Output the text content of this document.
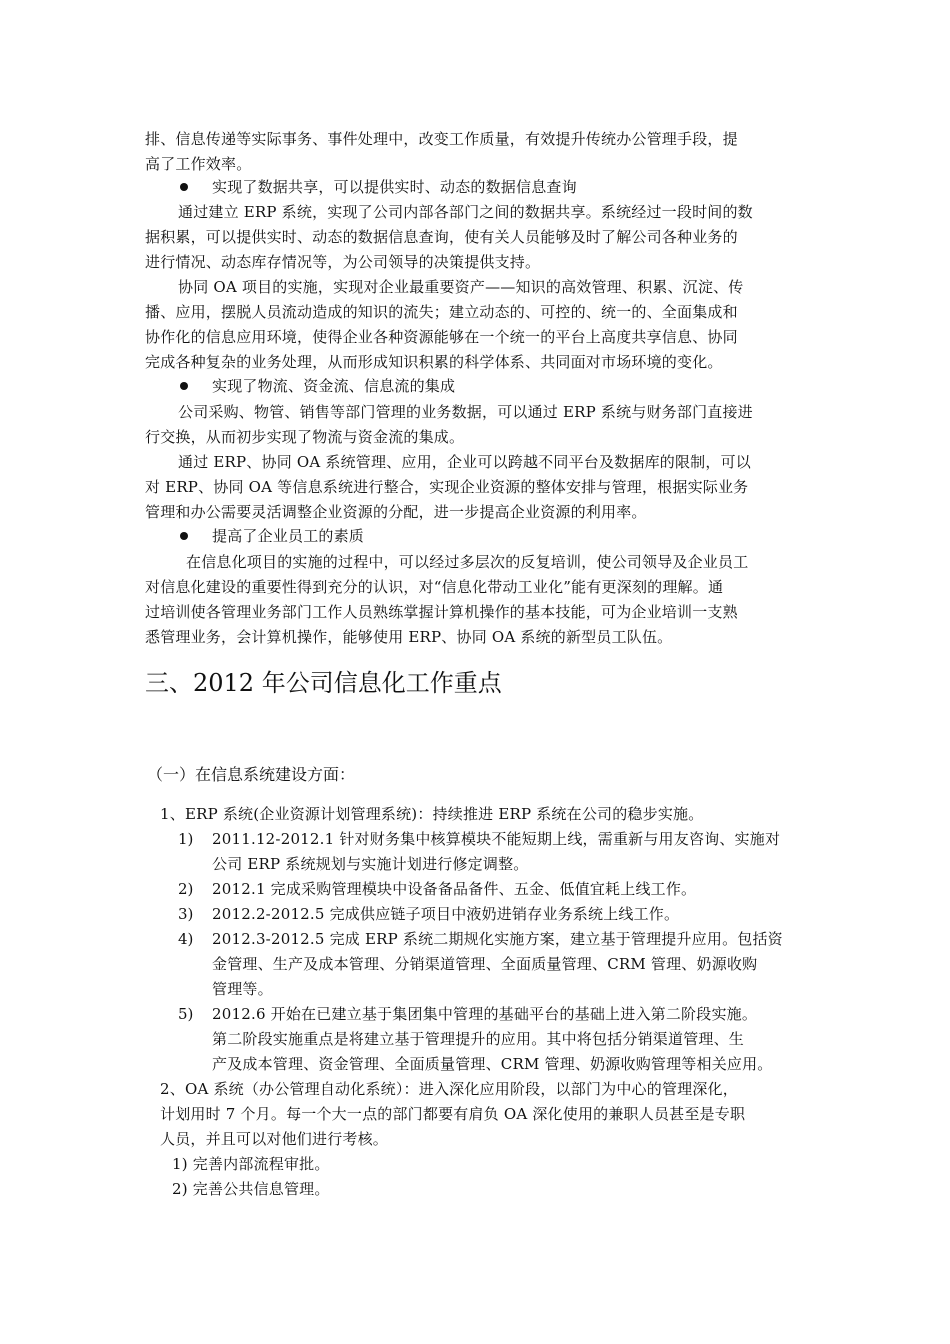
排、信息传递等实际事务、事件处理中，改变工作质量，有效提升传统办公管理手段，提
高了工作效率。
实现了数据共享，可以提供实时、动态的数据信息查询
通过建立 ERP 系统，实现了公司内部各部门之间的数据共享。系统经过一段时间的数
据积累，可以提供实时、动态的数据信息查询，使有关人员能够及时了解公司各种业务的
进行情况、动态库存情况等，为公司领导的决策提供支持。
协同 OA 项目的实施，实现对企业最重要资产——知识的高效管理、积累、沉淀、传
播、应用，摆脱人员流动造成的知识的流失；建立动态的、可控的、统一的、全面集成和
协作化的信息应用环境，使得企业各种资源能够在一个统一的平台上高度共享信息、协同
完成各种复杂的业务处理，从而形成知识积累的科学体系、共同面对市场环境的变化。
实现了物流、资金流、信息流的集成
公司采购、物管、销售等部门管理的业务数据，可以通过 ERP 系统与财务部门直接进
行交换，从而初步实现了物流与资金流的集成。
通过 ERP、协同 OA 系统管理、应用，企业可以跨越不同平台及数据库的限制，可以
对 ERP、协同 OA 等信息系统进行整合，实现企业资源的整体安排与管理，根据实际业务
管理和办公需要灵活调整企业资源的分配，进一步提高企业资源的利用率。
提高了企业员工的素质
在信息化项目的实施的过程中，可以经过多层次的反复培训，使公司领导及企业员工
对信息化建设的重要性得到充分的认识，对“信息化带动工业化”能有更深刻的理解。通
过培训使各管理业务部门工作人员熟练掌握计算机操作的基本技能，可为企业培训一支熟
悉管理业务，会计算机操作，能够使用 ERP、协同 OA 系统的新型员工队伍。
三、2012 年公司信息化工作重点
（一）在信息系统建设方面：
1、ERP 系统(企业资源计划管理系统)：持续推进 ERP 系统在公司的稳步实施。
1) 2011.12-2012.1 针对财务集中核算模块不能短期上线，需重新与用友咨询、实施对
公司 ERP 系统规划与实施计划进行修定调整。
2) 2012.1 完成采购管理模块中设备备品备件、五金、低值宜耗上线工作。
3) 2012.2-2012.5 完成供应链子项目中液奶进销存业务系统上线工作。
4) 2012.3-2012.5 完成 ERP 系统二期规化实施方案，建立基于管理提升应用。包括资
金管理、生产及成本管理、分销渠道管理、全面质量管理、CRM 管理、奶源收购
管理等。
5) 2012.6 开始在已建立基于集团集中管理的基础平台的基础上进入第二阶段实施。
第二阶段实施重点是将建立基于管理提升的应用。其中将包括分销渠道管理、生
产及成本管理、资金管理、全面质量管理、CRM 管理、奶源收购管理等相关应用。
2、OA 系统（办公管理自动化系统）：进入深化应用阶段，以部门为中心的管理深化，
计划用时 7 个月。每一个大一点的部门都要有肩负 OA 深化使用的兼职人员甚至是专职
人员，并且可以对他们进行考核。
1) 完善内部流程审批。
2) 完善公共信息管理。
